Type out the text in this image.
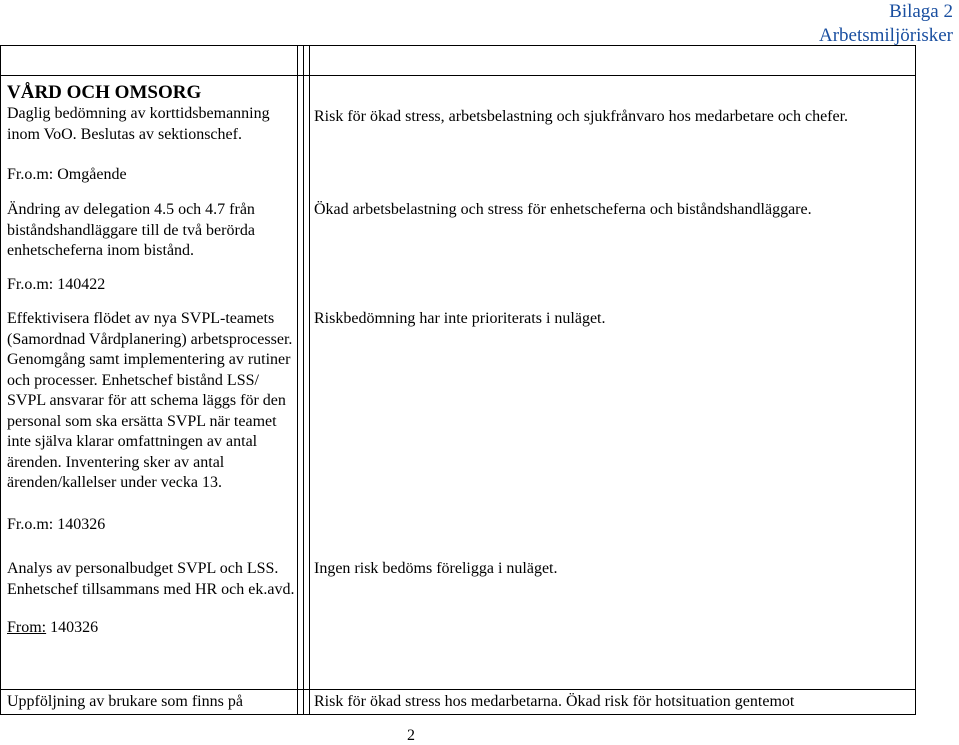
Bilaga 2
Arbetsmiljörisker
VÅRD OCH OMSORG

Daglig bedömning av korttidsbemanning inom VoO. Beslutas av sektionschef.

Fr.o.m: Omgående

Risk för ökad stress, arbetsbelastning och sjukfrånvaro hos medarbetare och chefer.

Ändring av delegation 4.5 och 4.7 från biståndshandläggare till de två berörda enhetscheferna inom bistånd.

Fr.o.m: 140422

Ökad arbetsbelastning och stress för enhetscheferna och biståndshandläggare.

Effektivisera flödet av nya SVPL-teamets (Samordnad Vårdplanering) arbetsprocesser. Genomgång samt implementering av rutiner och processer. Enhetschef bistånd LSS/ SVPL ansvarar för att schema läggs för den personal som ska ersätta SVPL när teamet inte själva klarar omfattningen av antal ärenden. Inventering sker av antal ärenden/kallelser under vecka 13.

Fr.o.m: 140326

Riskbedömning har inte prioriterats i nuläget.

Analys av personalbudget SVPL och LSS. Enhetschef tillsammans med HR och ek.avd.

From: 140326

Ingen risk bedöms föreligga i nuläget.

Uppföljning av brukare som finns på	Risk för ökad stress hos medarbetarna. Ökad risk för hotsituation gentemot

2
